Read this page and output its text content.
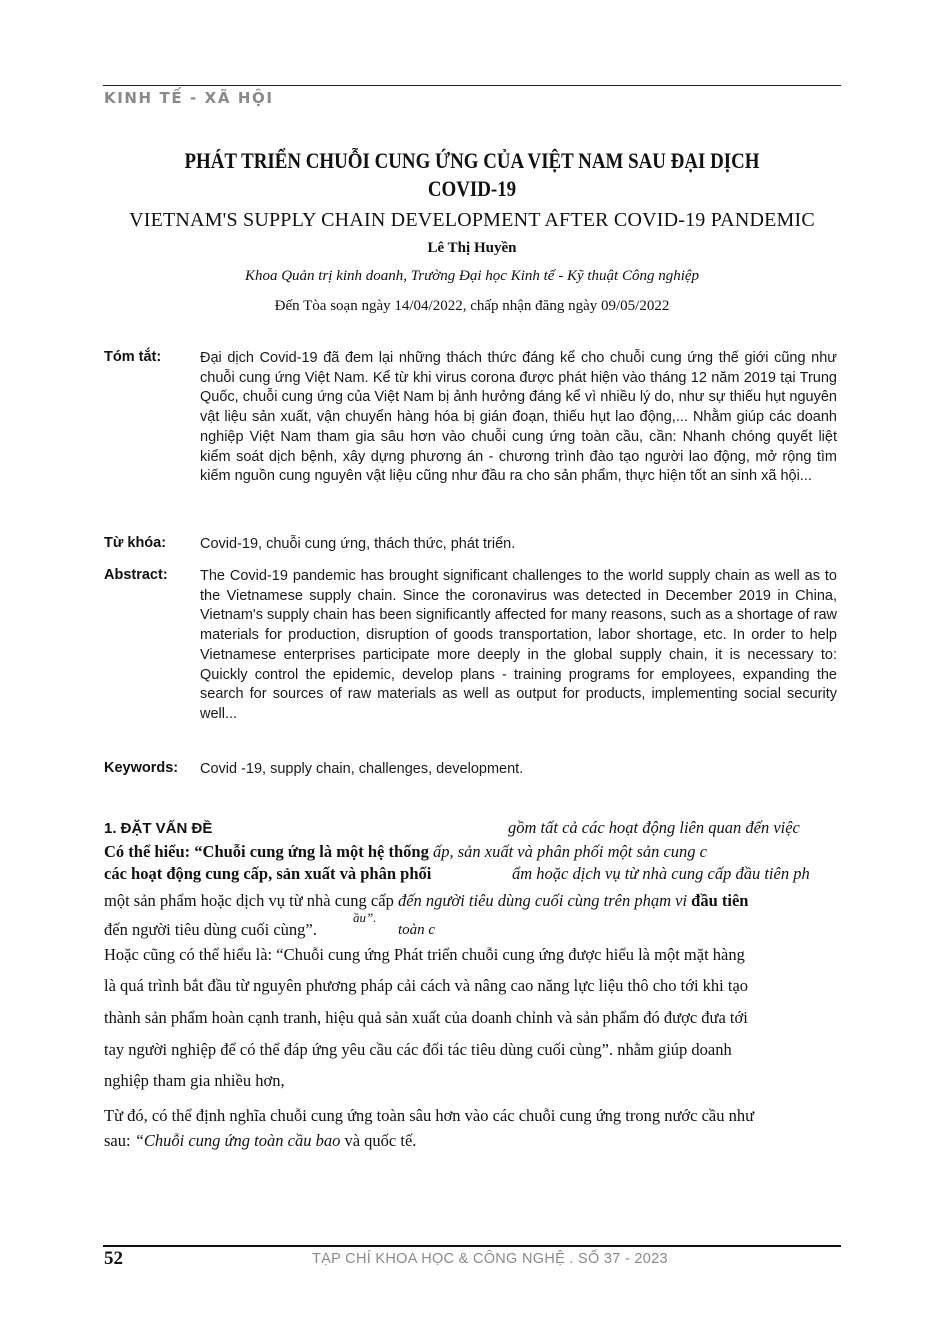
KINH TẾ - XÃ HỘI
PHÁT TRIỂN CHUỖI CUNG ỨNG CỦA VIỆT NAM SAU ĐẠI DỊCH
COVID-19
VIETNAM'S SUPPLY CHAIN DEVELOPMENT AFTER COVID-19 PANDEMIC
Lê Thị Huyền
Khoa Quản trị kinh doanh, Trường Đại học Kinh tế - Kỹ thuật Công nghiệp
Đến Tòa soạn ngày 14/04/2022, chấp nhận đăng ngày 09/05/2022
Tóm tắt:	Đại dịch Covid-19 đã đem lại những thách thức đáng kể cho chuỗi cung ứng thế giới cũng như chuỗi cung ứng Việt Nam. Kể từ khi virus corona được phát hiện vào tháng 12 năm 2019 tại Trung Quốc, chuỗi cung ứng của Việt Nam bị ảnh hưởng đáng kể vì nhiều lý do, như sự thiếu hụt nguyên vật liệu sản xuất, vận chuyển hàng hóa bị gián đoạn, thiếu hụt lao động,... Nhằm giúp các doanh nghiệp Việt Nam tham gia sâu hơn vào chuỗi cung ứng toàn cầu, cần: Nhanh chóng quyết liệt kiểm soát dịch bệnh, xây dựng phương án - chương trình đào tạo người lao động, mở rộng tìm kiếm nguồn cung nguyên vật liệu cũng như đầu ra cho sản phẩm, thực hiện tốt an sinh xã hội...
Từ khóa: Covid-19, chuỗi cung ứng, thách thức, phát triển.
Abstract: The Covid-19 pandemic has brought significant challenges to the world supply chain as well as to the Vietnamese supply chain. Since the coronavirus was detected in December 2019 in China, Vietnam's supply chain has been significantly affected for many reasons, such as a shortage of raw materials for production, disruption of goods transportation, labor shortage, etc. In order to help Vietnamese enterprises participate more deeply in the global supply chain, it is necessary to: Quickly control the epidemic, develop plans - training programs for employees, expanding the search for sources of raw materials as well as output for products, implementing social security well...
Keywords: Covid -19, supply chain, challenges, development.
1. ĐẶT VẤN ĐỀ	gồm tất cả các hoạt động liên quan đến việc
Có thể hiểu: “Chuỗi cung ứng là một hệ thống ấp, sản xuất và phân phối một sản cung c
các hoạt động cung cấp, sản xuất và phân phối	ẩm hoặc dịch vụ từ nhà cung cấp đầu tiên ph
một sản phẩm hoặc dịch vụ từ nhà cung cấp đến người tiêu dùng cuối cùng trên phạm vi đầu tiên
đến người tiêu dùng cuối cùng”.
ầu”.
toàn c
Hoặc cũng có thể hiểu là: “Chuỗi cung ứng Phát triển chuỗi cung ứng được hiểu là một mặt hàng
là quá trình bắt đầu từ nguyên phương pháp cải cách và nâng cao năng lực liệu thô cho tới khi tạo
thành sản phẩm hoàn cạnh tranh, hiệu quả sản xuất của doanh chỉnh và sản phẩm đó được đưa tới
tay người nghiệp để có thể đáp ứng yêu cầu các đối tác tiêu dùng cuối cùng”. nhằm giúp doanh
nghiệp tham gia nhiều hơn,
Từ đó, có thể định nghĩa chuỗi cung ứng toàn sâu hơn vào các chuỗi cung ứng trong nước cầu như
sau: “Chuỗi cung ứng toàn cầu bao và quốc tế.
52	TẠP CHÍ KHOA HỌC & CÔNG NGHỆ . SỐ 37 - 2023
